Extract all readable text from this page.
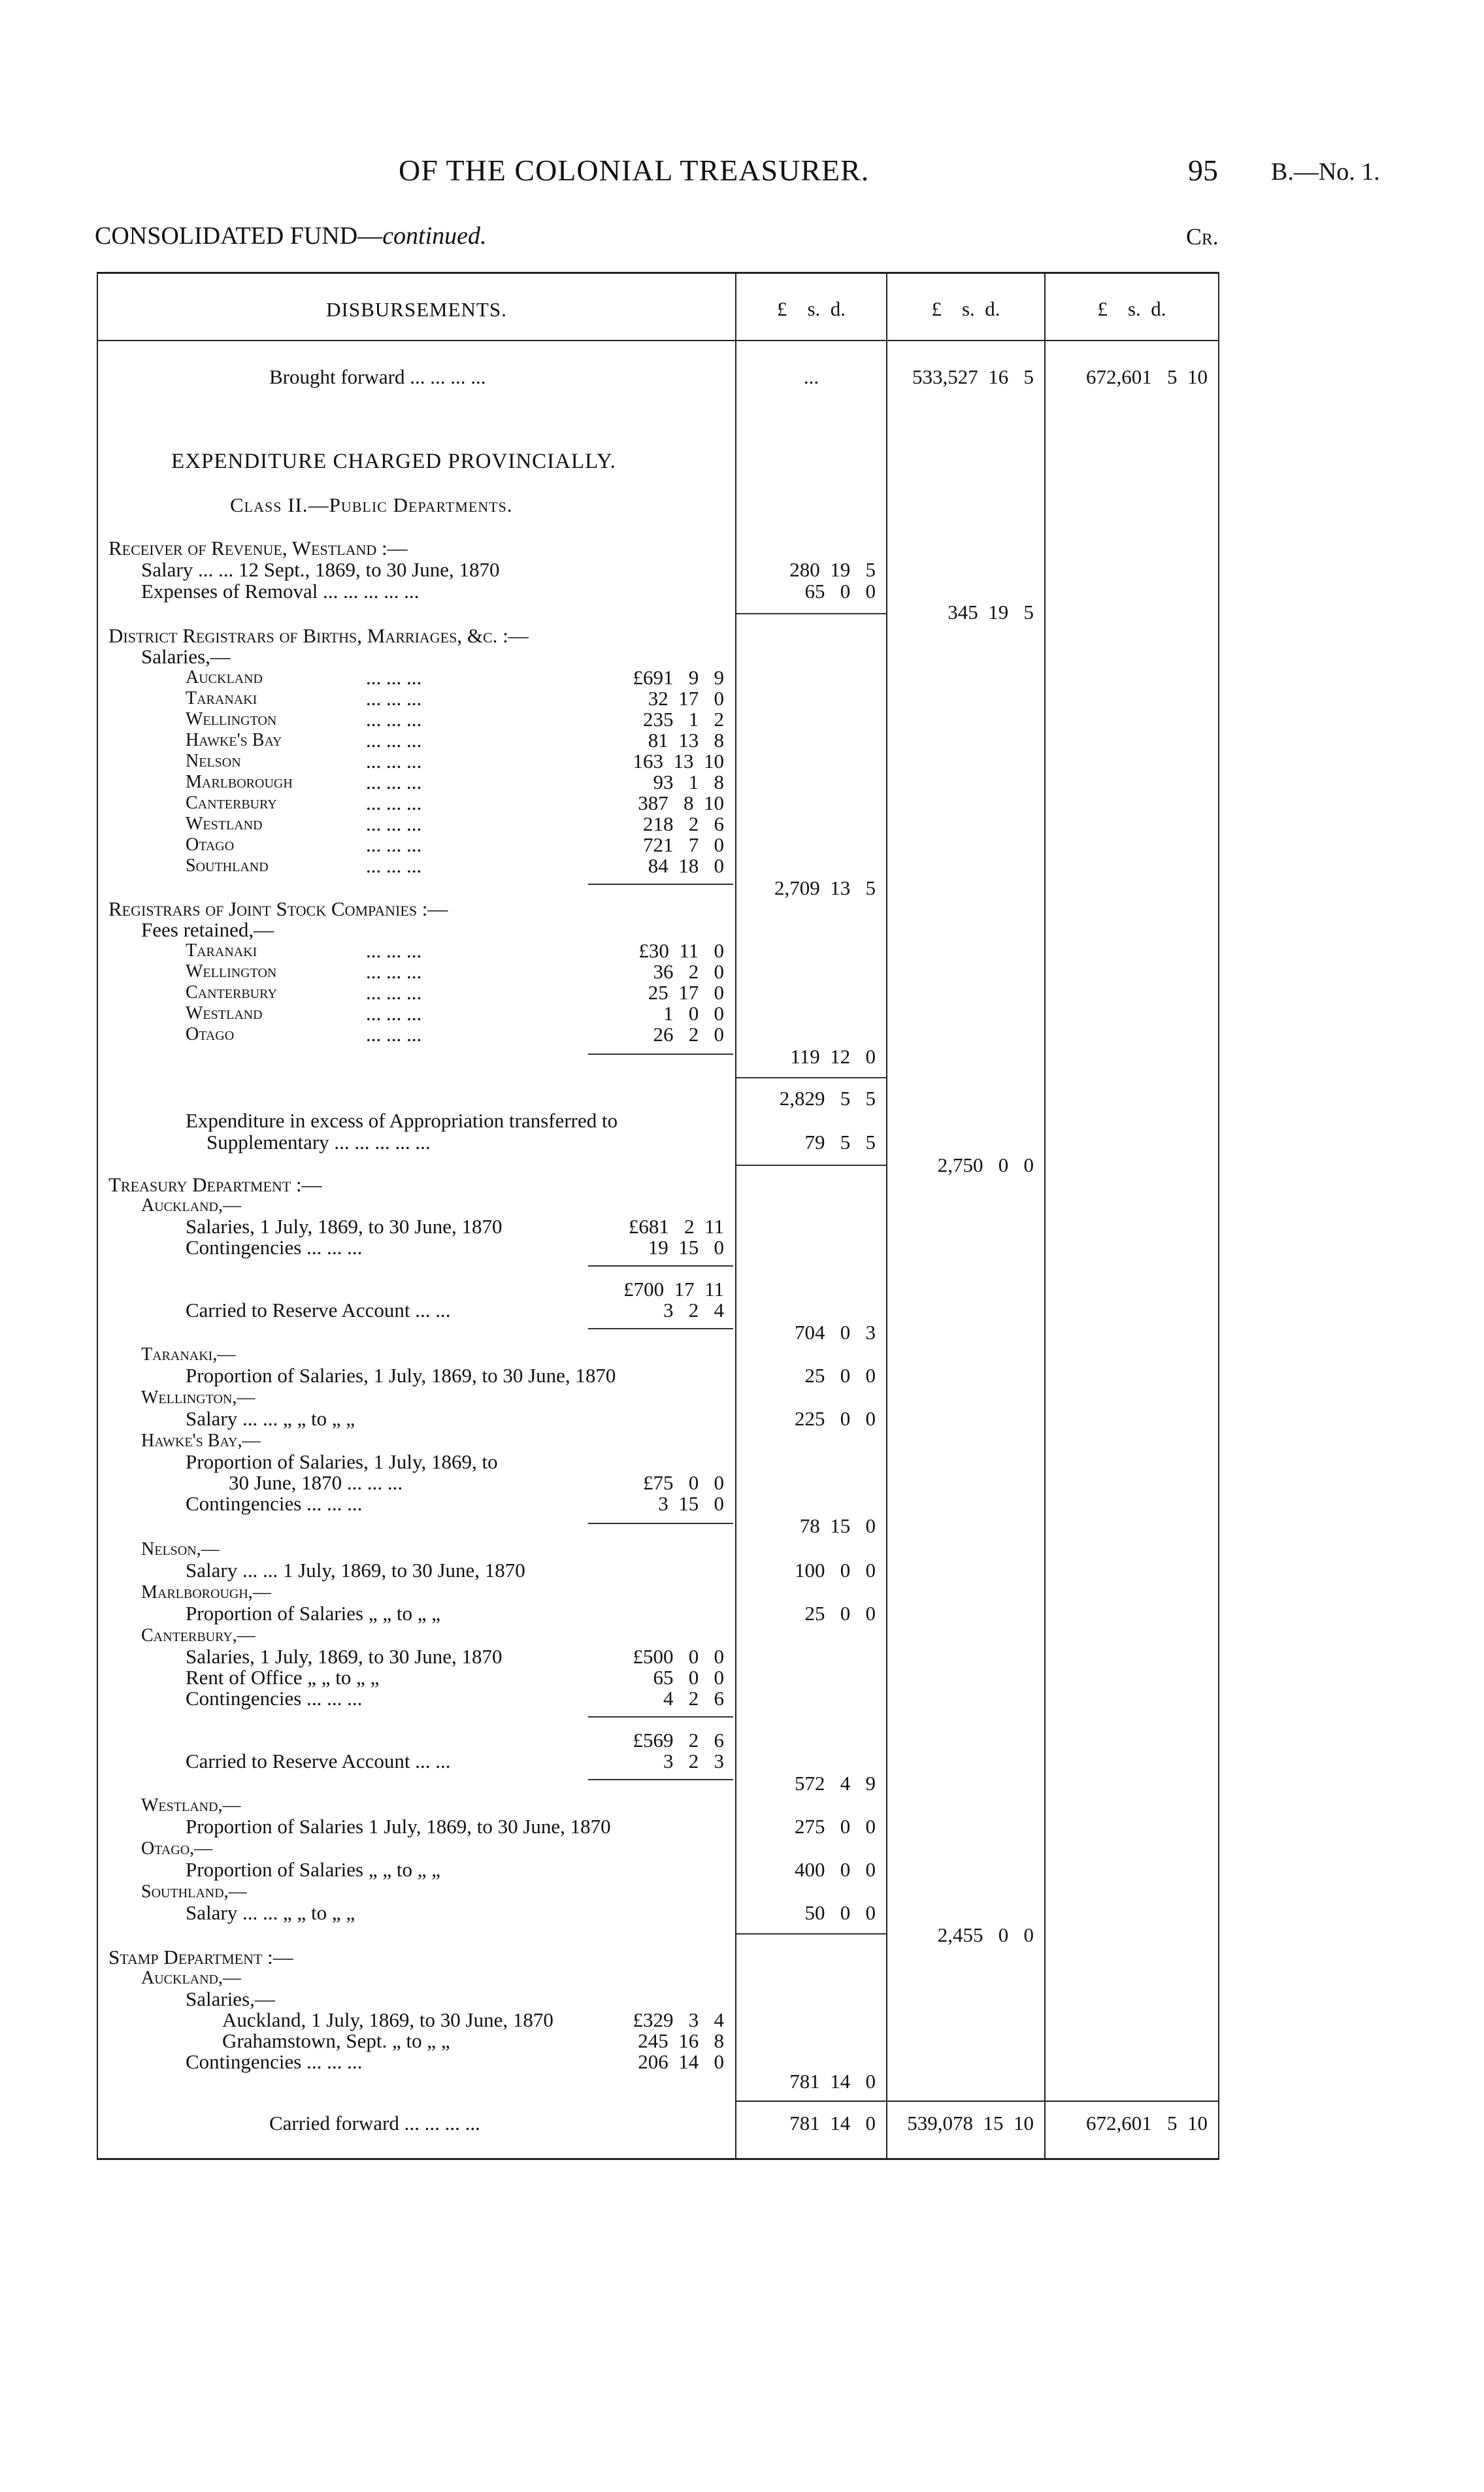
OF THE COLONIAL TREASURER.	95 B.—No. 1.
CONSOLIDATED FUND—continued.	Cr.
DISBURSEMENTS.	£    s.  d.	£    s.  d.	£    s.  d.
Brought forward ... ... ... ...	...	533,527  16   5	672,601   5  10
EXPENDITURE CHARGED PROVINCIALLY.
Class II.—Public Departments.
Receiver of Revenue, Westland :—
Salary ... ... 12 Sept., 1869, to 30 June, 1870	280  19   5
Expenses of Removal ... ... ... ... ...	65   0   0
345  19   5
District Registrars of Births, Marriages, &c. :—
Salaries,—
Auckland	... ... ...	£691   9   9
Taranaki	... ... ...	32  17   0
Wellington	... ... ...	235   1   2
Hawke's Bay	... ... ...	81  13   8
Nelson	... ... ...	163  13  10
Marlborough	... ... ...	93   1   8
Canterbury	... ... ...	387   8  10
Westland	... ... ...	218   2   6
Otago	... ... ...	721   7   0
Southland	... ... ...	84  18   0
2,709  13   5
Registrars of Joint Stock Companies :—
Fees retained,—
Taranaki	... ... ...	£30  11   0
Wellington	... ... ...	36   2   0
Canterbury	... ... ...	25  17   0
Westland	... ... ...	1   0   0
Otago	... ... ...	26   2   0
119  12   0
2,829   5   5
Expenditure in excess of Appropriation transferred to
Supplementary ... ... ... ... ...	79   5   5
2,750   0   0
Treasury Department :—
Auckland,—
Salaries, 1 July, 1869, to 30 June, 1870	£681   2  11
Contingencies ... ... ...	19  15   0
£700  17  11
Carried to Reserve Account ... ...	3   2   4
704   0   3
Taranaki,—
Proportion of Salaries, 1 July, 1869, to 30 June, 1870	25   0   0
Wellington,—
Salary ... ... „ „ to „ „	225   0   0
Hawke's Bay,—
Proportion of Salaries, 1 July, 1869, to
30 June, 1870 ... ... ...	£75   0   0
Contingencies ... ... ...	3  15   0
78  15   0
Nelson,—
Salary ... ... 1 July, 1869, to 30 June, 1870	100   0   0
Marlborough,—
Proportion of Salaries „ „ to „ „	25   0   0
Canterbury,—
Salaries, 1 July, 1869, to 30 June, 1870	£500   0   0
Rent of Office „ „ to „ „	65   0   0
Contingencies ... ... ...	4   2   6
£569   2   6
Carried to Reserve Account ... ...	3   2   3
572   4   9
Westland,—
Proportion of Salaries 1 July, 1869, to 30 June, 1870	275   0   0
Otago,—
Proportion of Salaries „ „ to „ „	400   0   0
Southland,—
Salary ... ... „ „ to „ „	50   0   0
2,455   0   0
Stamp Department :—
Auckland,—
Salaries,—
Auckland, 1 July, 1869, to 30 June, 1870	£329   3   4
Grahamstown, Sept. „ to „ „	245  16   8
Contingencies ... ... ...	206  14   0
781  14   0
Carried forward ... ... ... ...	781  14   0	539,078  15  10	672,601   5  10
